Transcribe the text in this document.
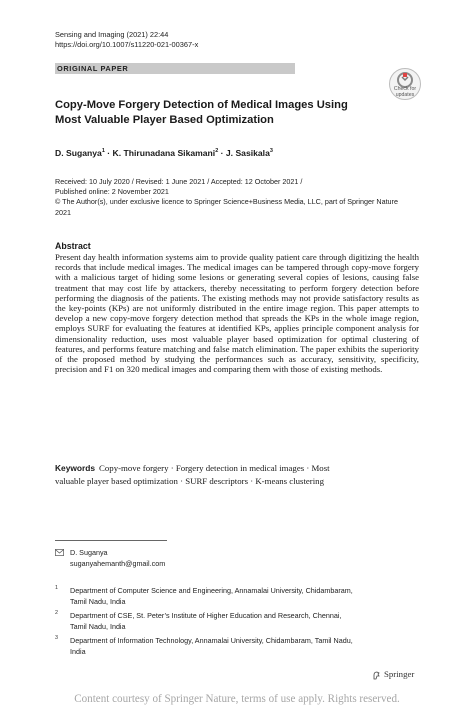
Sensing and Imaging (2021) 22:44
https://doi.org/10.1007/s11220-021-00367-x
ORIGINAL PAPER
Check for
updates
Copy-Move Forgery Detection of Medical Images Using
Most Valuable Player Based Optimization
D. Suganya$^1$ · K. Thirunadana Sikamani$^2$ · J. Sasikala$^3$
Received: 10 July 2020 / Revised: 1 June 2021 / Accepted: 12 October 2021 /
Published online: 2 November 2021
© The Author(s), under exclusive licence to Springer Science+Business Media, LLC, part of Springer Nature
2021
Abstract
Present day health information systems aim to provide quality patient care through digitizing the health records that include medical images. The medical images can be tampered through copy-move forgery with a malicious target of hiding some lesions or generating several copies of lesions, causing false treatment that may cost life by attackers, thereby necessitating to perform forgery detection before performing the diagnosis of the patients. The existing methods may not provide satisfactory results as the key-points (KPs) are not uniformly distributed in the entire image region. This paper attempts to develop a new copy-move forgery detection method that spreads the KPs in the whole image region, employs SURF for evaluating the features at identified KPs, applies principle component analysis for dimensionality reduction, uses most valuable player based optimization for optimal clustering of features, and performs feature matching and false match elimination. The paper exhibits the superiority of the proposed method by studying the performances such as accuracy, sensitivity, specificity, precision and F1 on 320 medical images and comparing them with those of existing methods.
Keywords Copy-move forgery · Forgery detection in medical images · Most
valuable player based optimization · SURF descriptors · K-means clustering
D. Suganya
suganyahemanth@gmail.com
1 Department of Computer Science and Engineering, Annamalai University, Chidambaram,
Tamil Nadu, India
2 Department of CSE, St. Peter’s Institute of Higher Education and Research, Chennai,
Tamil Nadu, India
3 Department of Information Technology, Annamalai University, Chidambaram, Tamil Nadu,
India
Springer
Content courtesy of Springer Nature, terms of use apply. Rights reserved.
